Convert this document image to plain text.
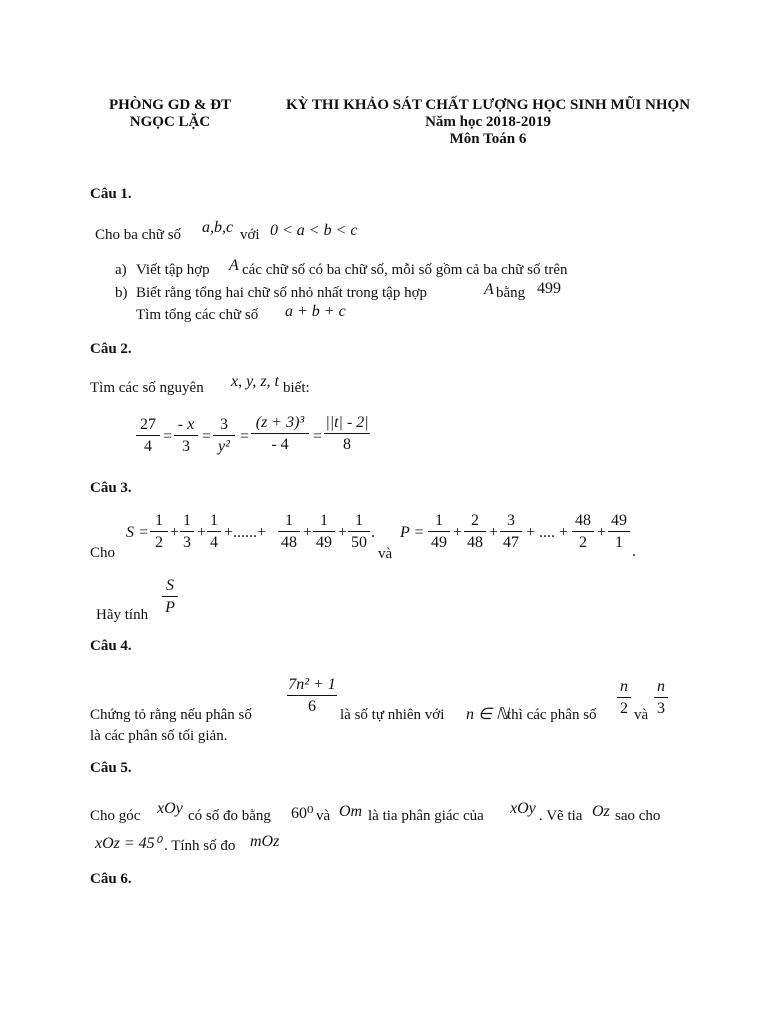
PHÒNG GD & ĐT
NGỌC LẶC
KỲ THI KHẢO SÁT CHẤT LƯỢNG HỌC SINH MŨI NHỌN
Năm học 2018-2019
Môn Toán 6
Câu 1.
Cho ba chữ số a,b,c với 0 < a < b < c
a) Viết tập hợp A các chữ số có ba chữ số, mỗi số gồm cả ba chữ số trên
b) Biết rằng tổng hai chữ số nhỏ nhất trong tập hợp	A bằng 499
Tìm tổng các chữ số a + b + c
Câu 2.
Tìm các số nguyên x, y, z, t biết:
27
4
=
- x
3
=
3
y²
=
(z + 3)³
- 4	=
||t| - 2|
8
Câu 3.
Cho
S =
1
2
+
1
3
+
1
4
+......+
1
48
+
1
49
+
1
50
.
và
P =
1
49
+
2
48
+
3
47
+ .... +
48
2
+
49
1
.
Hãy tính
S
P
Câu 4.
7n² + 1
6
Chứng tỏ rằng nếu phân số	là số tự nhiên với n ∈ ℕ
thì các phân số
n
2 và
n
3
là các phân số tối giản.
Câu 5.
Cho góc xOy có số đo bằng 60⁰ và Om là tia phân giác của xOy . Vẽ tia Oz sao cho
xOz = 45⁰ . Tính số đo mOz
Câu 6.
